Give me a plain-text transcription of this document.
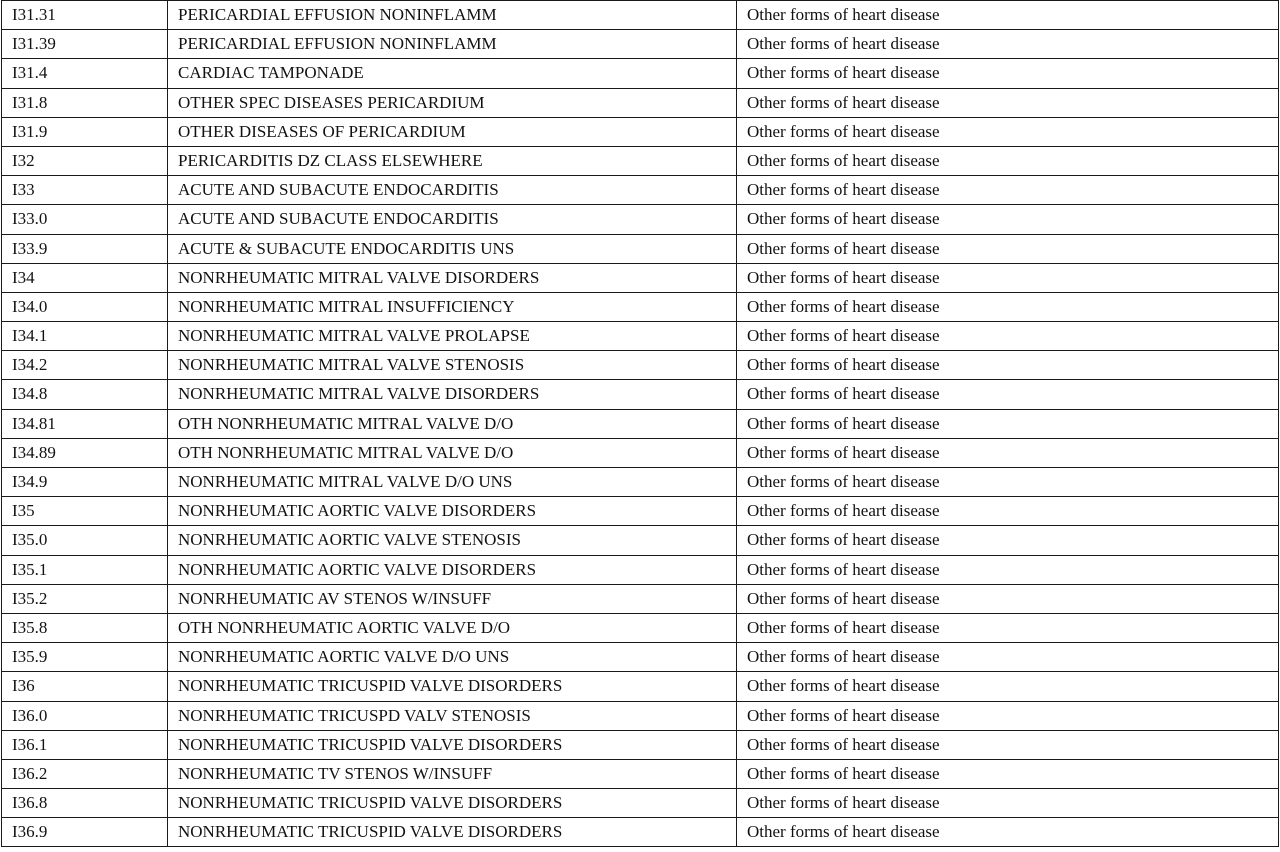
I31.31	PERICARDIAL EFFUSION NONINFLAMM	Other forms of heart disease
I31.39	PERICARDIAL EFFUSION NONINFLAMM	Other forms of heart disease
I31.4	CARDIAC TAMPONADE	Other forms of heart disease
I31.8	OTHER SPEC DISEASES PERICARDIUM	Other forms of heart disease
I31.9	OTHER DISEASES OF PERICARDIUM	Other forms of heart disease
I32	PERICARDITIS DZ CLASS ELSEWHERE	Other forms of heart disease
I33	ACUTE AND SUBACUTE ENDOCARDITIS	Other forms of heart disease
I33.0	ACUTE AND SUBACUTE ENDOCARDITIS	Other forms of heart disease
I33.9	ACUTE & SUBACUTE ENDOCARDITIS UNS	Other forms of heart disease
I34	NONRHEUMATIC MITRAL VALVE DISORDERS	Other forms of heart disease
I34.0	NONRHEUMATIC MITRAL INSUFFICIENCY	Other forms of heart disease
I34.1	NONRHEUMATIC MITRAL VALVE PROLAPSE	Other forms of heart disease
I34.2	NONRHEUMATIC MITRAL VALVE STENOSIS	Other forms of heart disease
I34.8	NONRHEUMATIC MITRAL VALVE DISORDERS	Other forms of heart disease
I34.81	OTH NONRHEUMATIC MITRAL VALVE D/O	Other forms of heart disease
I34.89	OTH NONRHEUMATIC MITRAL VALVE D/O	Other forms of heart disease
I34.9	NONRHEUMATIC MITRAL VALVE D/O UNS	Other forms of heart disease
I35	NONRHEUMATIC AORTIC VALVE DISORDERS	Other forms of heart disease
I35.0	NONRHEUMATIC AORTIC VALVE STENOSIS	Other forms of heart disease
I35.1	NONRHEUMATIC AORTIC VALVE DISORDERS	Other forms of heart disease
I35.2	NONRHEUMATIC AV STENOS W/INSUFF	Other forms of heart disease
I35.8	OTH NONRHEUMATIC AORTIC VALVE D/O	Other forms of heart disease
I35.9	NONRHEUMATIC AORTIC VALVE D/O UNS	Other forms of heart disease
I36	NONRHEUMATIC TRICUSPID VALVE DISORDERS	Other forms of heart disease
I36.0	NONRHEUMATIC TRICUSPD VALV STENOSIS	Other forms of heart disease
I36.1	NONRHEUMATIC TRICUSPID VALVE DISORDERS	Other forms of heart disease
I36.2	NONRHEUMATIC TV STENOS W/INSUFF	Other forms of heart disease
I36.8	NONRHEUMATIC TRICUSPID VALVE DISORDERS	Other forms of heart disease
I36.9	NONRHEUMATIC TRICUSPID VALVE DISORDERS	Other forms of heart disease
